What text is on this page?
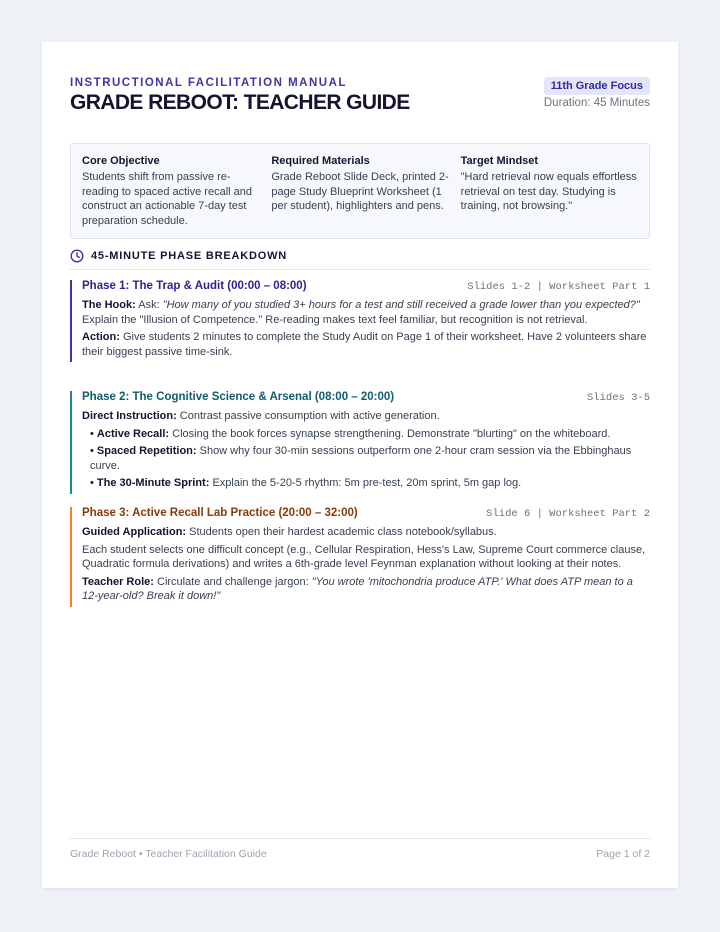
INSTRUCTIONAL FACILITATION MANUAL
GRADE REBOOT: TEACHER GUIDE
11th Grade Focus
Duration: 45 Minutes
Core Objective
Students shift from passive re-reading to spaced active recall and construct an actionable 7-day test preparation schedule.
Required Materials
Grade Reboot Slide Deck, printed 2-page Study Blueprint Worksheet (1 per student), highlighters and pens.
Target Mindset
"Hard retrieval now equals effortless retrieval on test day. Studying is training, not browsing."
45-MINUTE PHASE BREAKDOWN
Phase 1: The Trap & Audit (00:00 – 08:00)	Slides 1-2 | Worksheet Part 1

The Hook: Ask: "How many of you studied 3+ hours for a test and still received a grade lower than you expected?" Explain the "Illusion of Competence." Re-reading makes text feel familiar, but recognition is not retrieval.

Action: Give students 2 minutes to complete the Study Audit on Page 1 of their worksheet. Have 2 volunteers share their biggest passive time-sink.

Phase 2: The Cognitive Science & Arsenal (08:00 – 20:00)	Slides 3-5

Direct Instruction: Contrast passive consumption with active generation.

• Active Recall: Closing the book forces synapse strengthening. Demonstrate "blurting" on the whiteboard.
• Spaced Repetition: Show why four 30-min sessions outperform one 2-hour cram session via the Ebbinghaus curve.
• The 30-Minute Sprint: Explain the 5-20-5 rhythm: 5m pre-test, 20m sprint, 5m gap log.
Phase 3: Active Recall Lab Practice (20:00 – 32:00)	Slide 6 | Worksheet Part 2

Guided Application: Students open their hardest academic class notebook/syllabus.

Each student selects one difficult concept (e.g., Cellular Respiration, Hess's Law, Supreme Court commerce clause, Quadratic formula derivations) and writes a 6th-grade level Feynman explanation without looking at their notes.

Teacher Role: Circulate and challenge jargon: "You wrote 'mitochondria produce ATP.' What does ATP mean to a 12-year-old? Break it down!"

Grade Reboot • Teacher Facilitation Guide	Page 1 of 2
